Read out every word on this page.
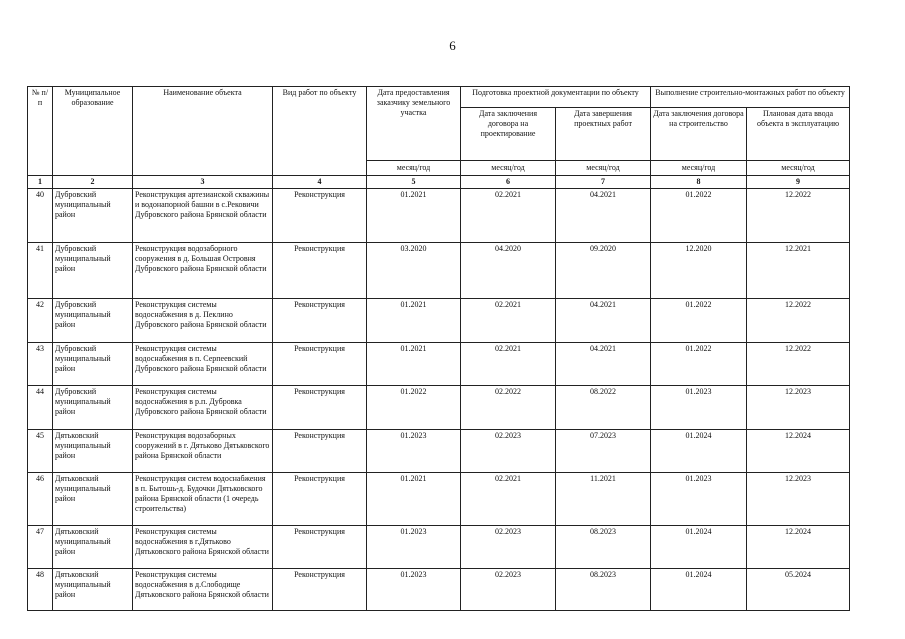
6
№ п/п	Муниципальное образование	Наименование объекта	Вид работ по объекту	Дата предоставления заказчику земельного участка	Подготовка проектной документации по объекту		Выполнение строительно-монтажных работ по объекту	
					Дата заключения договора на проектирование	Дата завершения проектных работ	Дата заключения договора на строительство	Плановая дата ввода объекта в эксплуатацию
				месяц/год	месяц/год	месяц/год	месяц/год	месяц/год
1	2	3	4	5	6	7	8	9
40	Дубровский муниципальный район	Реконструкция артезианской скважины и водонапорной башни в с.Рековичи Дубровского района Брянской области	Реконструкция	01.2021	02.2021	04.2021	01.2022	12.2022
41	Дубровский муниципальный район	Реконструкция водозаборного сооружения в д. Большая Островня Дубровского района Брянской области	Реконструкция	03.2020	04.2020	09.2020	12.2020	12.2021
42	Дубровский муниципальный район	Реконструкция системы водоснабжения в д. Пеклино Дубровского района Брянской области	Реконструкция	01.2021	02.2021	04.2021	01.2022	12.2022
43	Дубровский муниципальный район	Реконструкция системы водоснабжения в п. Серпеевский Дубровского района Брянской области	Реконструкция	01.2021	02.2021	04.2021	01.2022	12.2022
44	Дубровский муниципальный район	Реконструкция системы водоснабжения в р.п. Дубровка Дубровского района Брянской области	Реконструкция	01.2022	02.2022	08.2022	01.2023	12.2023
45	Дятьковский муниципальный район	Реконструкция водозаборных сооружений в г. Дятьково Дятьковского района Брянской области	Реконструкция	01.2023	02.2023	07.2023	01.2024	12.2024
46	Дятьковский муниципальный район	Реконструкция систем водоснабжения в п. Бытошь-д. Будочки Дятьковского района Брянской области (1 очередь строительства)	Реконструкция	01.2021	02.2021	11.2021	01.2023	12.2023
47	Дятьковский муниципальный район	Реконструкция системы водоснабжения в г.Дятьково Дятьковского района Брянской области	Реконструкция	01.2023	02.2023	08.2023	01.2024	12.2024
48	Дятьковский муниципальный район	Реконструкция системы водоснабжения в д.Слободище Дятьковского района Брянской области	Реконструкция	01.2023	02.2023	08.2023	01.2024	05.2024
